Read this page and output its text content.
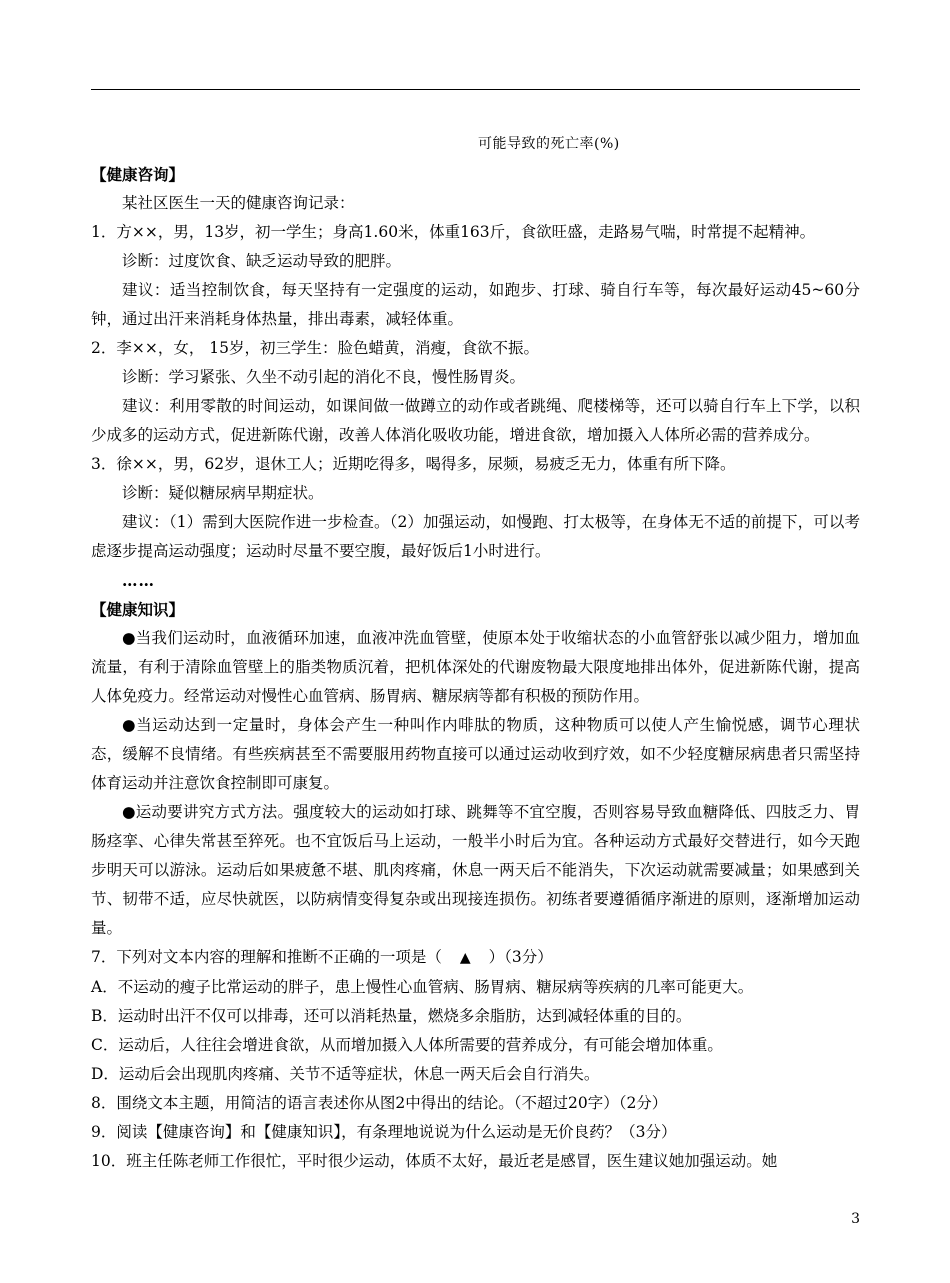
可能导致的死亡率(%)

【健康咨询】

某社区医生一天的健康咨询记录：

1．方××，男，13岁，初一学生；身高1.60米，体重163斤，食欲旺盛，走路易气喘，时常提不起精神。

诊断：过度饮食、缺乏运动导致的肥胖。

建议：适当控制饮食，每天坚持有一定强度的运动，如跑步、打球、骑自行车等，每次最好运动45~60分钟，通过出汗来消耗身体热量，排出毒素，减轻体重。

2．李××，女， 15岁，初三学生：脸色蜡黄，消瘦，食欲不振。

诊断：学习紧张、久坐不动引起的消化不良，慢性肠胃炎。

建议：利用零散的时间运动，如课间做一做蹲立的动作或者跳绳、爬楼梯等，还可以骑自行车上下学，以积少成多的运动方式，促进新陈代谢，改善人体消化吸收功能，增进食欲，增加摄入人体所必需的营养成分。

3．徐××，男，62岁，退休工人；近期吃得多，喝得多，尿频，易疲乏无力，体重有所下降。

诊断：疑似糖尿病早期症状。

建议：（1）需到大医院作进一步检查。（2）加强运动，如慢跑、打太极等，在身体无不适的前提下，可以考虑逐步提高运动强度；运动时尽量不要空腹，最好饭后1小时进行。

……

【健康知识】

●当我们运动时，血液循环加速，血液冲洗血管壁，使原本处于收缩状态的小血管舒张以减少阻力，增加血流量，有利于清除血管壁上的脂类物质沉着，把机体深处的代谢废物最大限度地排出体外，促进新陈代谢，提高人体免疫力。经常运动对慢性心血管病、肠胃病、糖尿病等都有积极的预防作用。

●当运动达到一定量时，身体会产生一种叫作内啡肽的物质，这种物质可以使人产生愉悦感，调节心理状态，缓解不良情绪。有些疾病甚至不需要服用药物直接可以通过运动收到疗效，如不少轻度糖尿病患者只需坚持体育运动并注意饮食控制即可康复。

●运动要讲究方式方法。强度较大的运动如打球、跳舞等不宜空腹，否则容易导致血糖降低、四肢乏力、胃肠痉挛、心律失常甚至猝死。也不宜饭后马上运动，一般半小时后为宜。各种运动方式最好交替进行，如今天跑步明天可以游泳。运动后如果疲惫不堪、肌肉疼痛，休息一两天后不能消失，下次运动就需要减量；如果感到关节、韧带不适，应尽快就医，以防病情变得复杂或出现接连损伤。初练者要遵循循序渐进的原则，逐渐增加运动量。

7．下列对文本内容的理解和推断不正确的一项是（ ▲ ）（3分）

A．不运动的瘦子比常运动的胖子，患上慢性心血管病、肠胃病、糖尿病等疾病的几率可能更大。

B．运动时出汗不仅可以排毒，还可以消耗热量，燃烧多余脂肪，达到减轻体重的目的。

C．运动后，人往往会增进食欲，从而增加摄入人体所需要的营养成分，有可能会增加体重。

D．运动后会出现肌肉疼痛、关节不适等症状，休息一两天后会自行消失。

8．围绕文本主题，用简洁的语言表述你从图2中得出的结论。（不超过20字）（2分）

9．阅读【健康咨询】和【健康知识】，有条理地说说为什么运动是无价良药？（3分）

10．班主任陈老师工作很忙，平时很少运动，体质不太好，最近老是感冒，医生建议她加强运动。她

3
